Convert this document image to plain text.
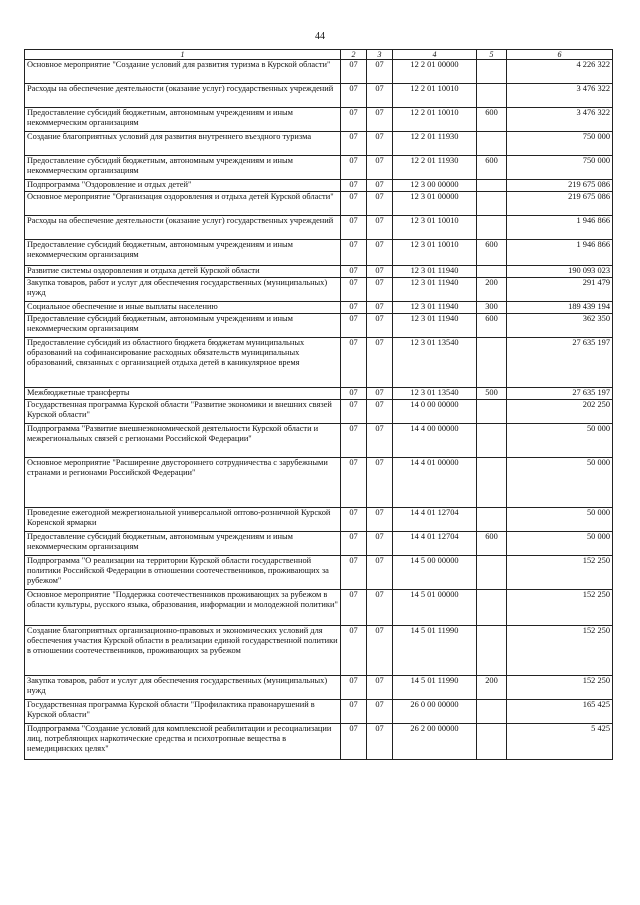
44
1	2	3	4	5	6
Основное мероприятие "Создание условий для развития туризма в Курской области"	07	07	12 2 01 00000		4 226 322
Расходы на обеспечение деятельности (оказание услуг) государственных учреждений	07	07	12 2 01 10010		3 476 322
Предоставление субсидий бюджетным, автономным учреждениям и иным некоммерческим организациям	07	07	12 2 01 10010	600	3 476 322
Создание благоприятных условий для развития внутреннего въездного туризма	07	07	12 2 01 11930		750 000
Предоставление субсидий бюджетным, автономным учреждениям и иным некоммерческим организациям	07	07	12 2 01 11930	600	750 000
Подпрограмма "Оздоровление и отдых детей"	07	07	12 3 00 00000		219 675 086
Основное мероприятие "Организация оздоровления и отдыха детей Курской области"	07	07	12 3 01 00000		219 675 086
Расходы на обеспечение деятельности (оказание услуг) государственных учреждений	07	07	12 3 01 10010		1 946 866
Предоставление субсидий бюджетным, автономным учреждениям и иным некоммерческим организациям	07	07	12 3 01 10010	600	1 946 866
Развитие системы оздоровления и отдыха детей Курской области	07	07	12 3 01 11940		190 093 023
Закупка товаров, работ и услуг для обеспечения государственных (муниципальных) нужд	07	07	12 3 01 11940	200	291 479
Социальное обеспечение и иные выплаты населению	07	07	12 3 01 11940	300	189 439 194
Предоставление субсидий бюджетным, автономным учреждениям и иным некоммерческим организациям	07	07	12 3 01 11940	600	362 350
Предоставление субсидий из областного бюджета бюджетам муниципальных образований на софинансирование расходных обязательств муниципальных образований, связанных с организацией отдыха детей в каникулярное время	07	07	12 3 01 13540		27 635 197
Межбюджетные трансферты	07	07	12 3 01 13540	500	27 635 197
Государственная программа Курской области "Развитие экономики и внешних связей Курской области"	07	07	14 0 00 00000		202 250
Подпрограмма "Развитие внешнеэкономической деятельности Курской области и межрегиональных связей с регионами Российской Федерации"	07	07	14 4 00 00000		50 000
Основное мероприятие "Расширение двустороннего сотрудничества с зарубежными странами и регионами Российской Федерации"	07	07	14 4 01 00000		50 000
Проведение ежегодной межрегиональной универсальной оптово-розничной Курской Коренской ярмарки	07	07	14 4 01 12704		50 000
Предоставление субсидий бюджетным, автономным учреждениям и иным некоммерческим организациям	07	07	14 4 01 12704	600	50 000
Подпрограмма "О реализации на территории Курской области государственной политики Российской Федерации в отношении соотечественников, проживающих за рубежом"	07	07	14 5 00 00000		152 250
Основное мероприятие "Поддержка соотечественников проживающих за рубежом в области культуры, русского языка, образования, информации и молодежной политики"	07	07	14 5 01 00000		152 250
Создание благоприятных организационно-правовых и экономических условий для обеспечения участия Курской области в реализации единой государственной политики в отношении соотечественников, проживающих за рубежом	07	07	14 5 01 11990		152 250
Закупка товаров, работ и услуг для обеспечения государственных (муниципальных) нужд	07	07	14 5 01 11990	200	152 250
Государственная программа Курской области "Профилактика правонарушений в Курской области"	07	07	26 0 00 00000		165 425
Подпрограмма "Создание условий для комплексной реабилитации и ресоциализации лиц, потребляющих наркотические средства и психотропные вещества в немедицинских целях"	07	07	26 2 00 00000		5 425
